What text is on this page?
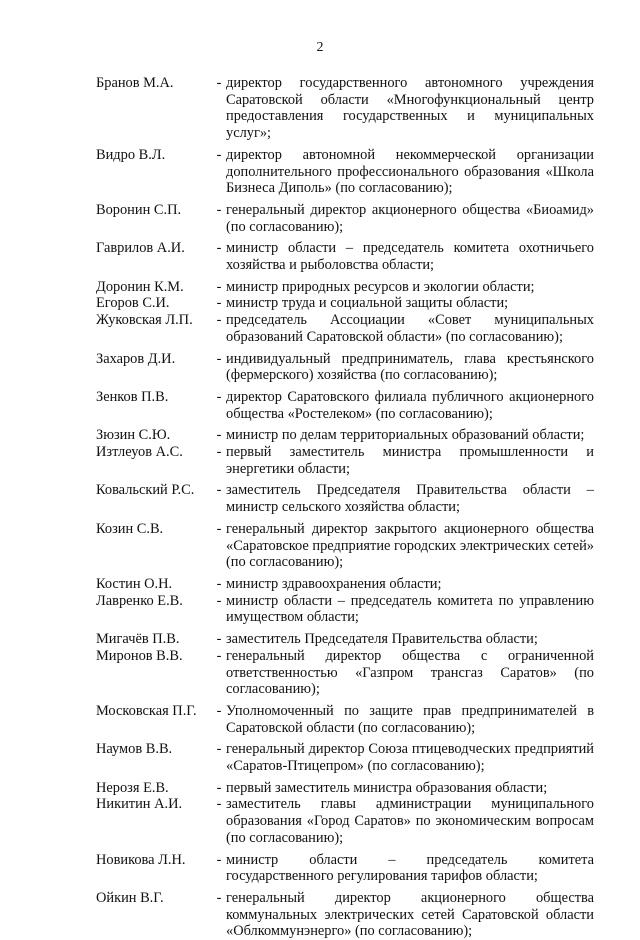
2
Бранов М.А.	- директор государственного автономного учреждения Саратовской области «Многофункциональный центр предоставления государственных и муниципальных услуг»;
Видро В.Л.	- директор автономной некоммерческой организации дополнительного профессионального образования «Школа Бизнеса Диполь» (по согласованию);
Воронин С.П.	- генеральный директор акционерного общества «Биоамид» (по согласованию);
Гаврилов А.И.	- министр области – председатель комитета охотничьего хозяйства и рыболовства области;
Доронин К.М.	- министр природных ресурсов и экологии области;
Егоров С.И.	- министр труда и социальной защиты области;
Жуковская Л.П.	- председатель Ассоциации «Совет муниципальных образований Саратовской области» (по согласованию);
Захаров Д.И.	- индивидуальный предприниматель, глава крестьянского (фермерского) хозяйства (по согласованию);
Зенков П.В.	- директор Саратовского филиала публичного акционерного общества «Ростелеком» (по согласованию);
Зюзин С.Ю.	- министр по делам территориальных образований области;
Изтлеуов А.С.	- первый заместитель министра промышленности и энергетики области;
Ковальский Р.С.	- заместитель Председателя Правительства области – министр сельского хозяйства области;
Козин С.В.	- генеральный директор закрытого акционерного общества «Саратовское предприятие городских электрических сетей» (по согласованию);
Костин О.Н.	- министр здравоохранения области;
Лавренко Е.В.	- министр области – председатель комитета по управлению имуществом области;
Мигачёв П.В.	- заместитель Председателя Правительства области;
Миронов В.В.	- генеральный директор общества с ограниченной ответственностью «Газпром трансгаз Саратов» (по согласованию);
Московская П.Г.	- Уполномоченный по защите прав предпринимателей в Саратовской области (по согласованию);
Наумов В.В.	- генеральный директор Союза птицеводческих предприятий «Саратов-Птицепром» (по согласованию);
Нерозя Е.В.	- первый заместитель министра образования области;
Никитин А.И.	- заместитель главы администрации муниципального образования «Город Саратов» по экономическим вопросам (по согласованию);
Новикова Л.Н.	- министр области – председатель комитета государственного регулирования тарифов области;
Ойкин В.Г.	- генеральный директор акционерного общества коммунальных электрических сетей Саратовской области «Облкоммунэнерго» (по согласованию);
